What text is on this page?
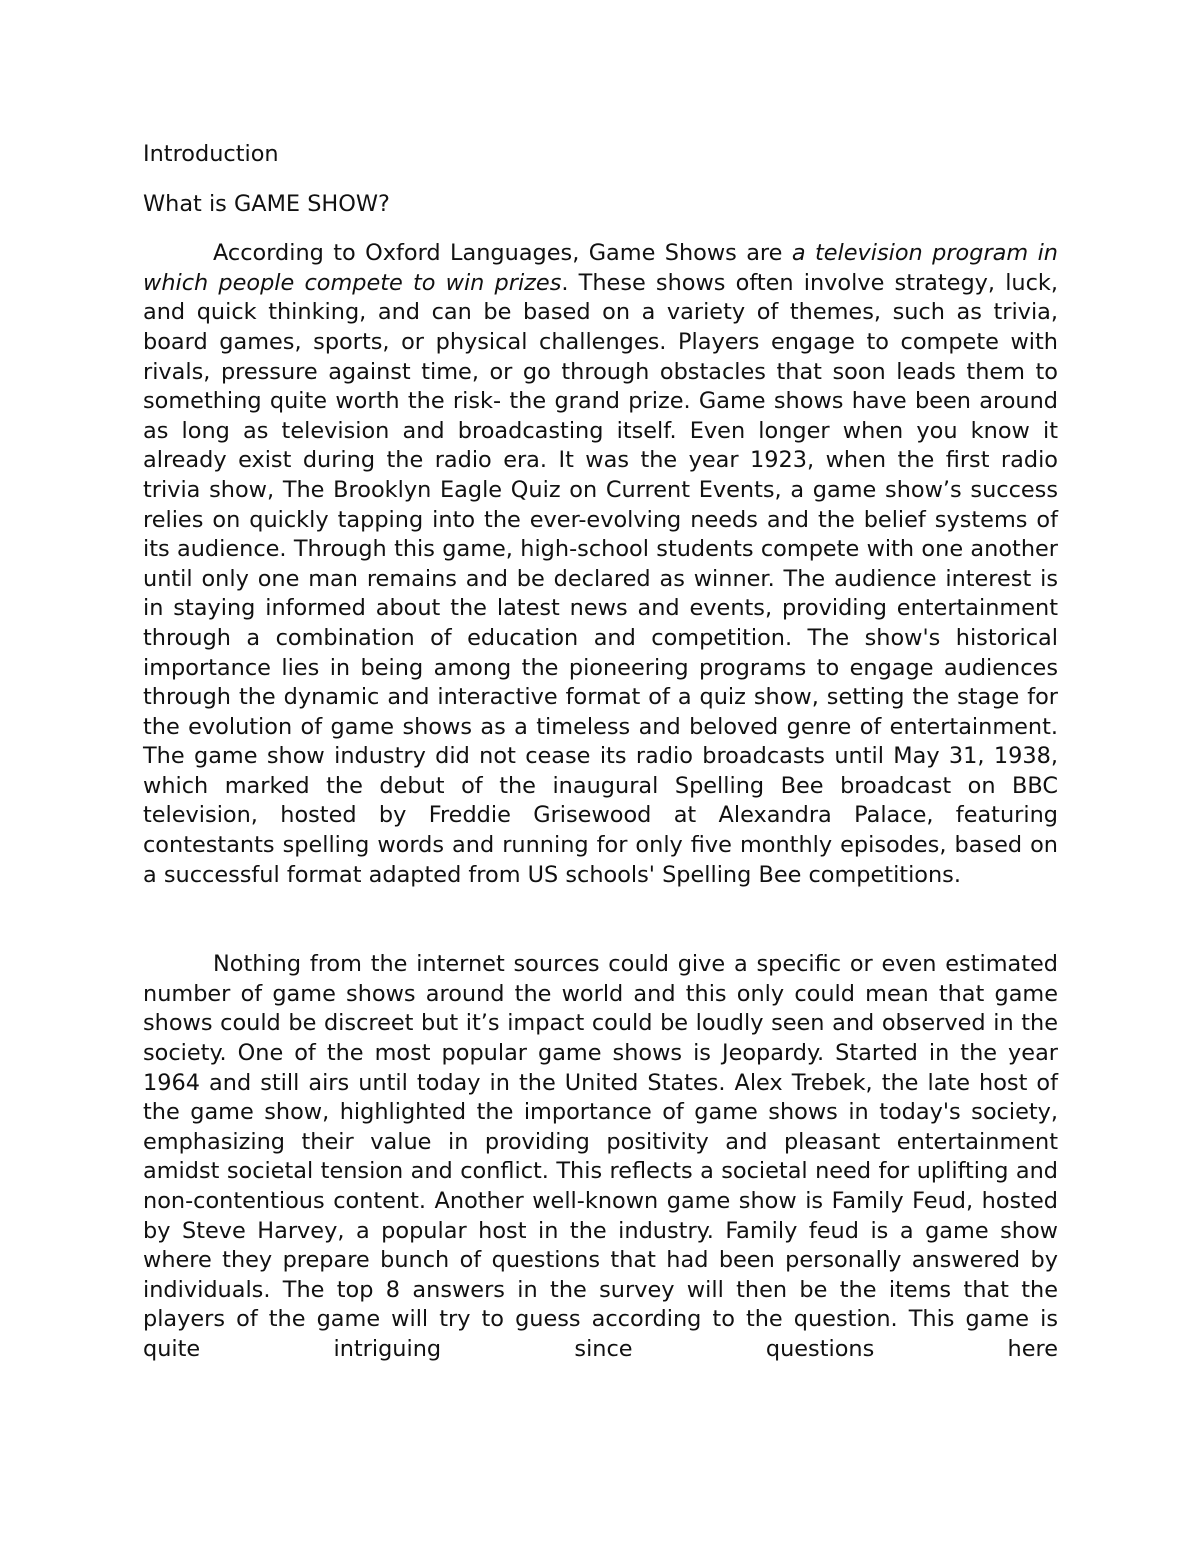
Introduction

What is GAME SHOW?

According to Oxford Languages, Game Shows are a television program in which people compete to win prizes. These shows often involve strategy, luck, and quick thinking, and can be based on a variety of themes, such as trivia, board games, sports, or physical challenges. Players engage to compete with rivals, pressure against time, or go through obstacles that soon leads them to something quite worth the risk- the grand prize. Game shows have been around as long as television and broadcasting itself. Even longer when you know it already exist during the radio era. It was the year 1923, when the first radio trivia show, The Brooklyn Eagle Quiz on Current Events, a game show’s success relies on quickly tapping into the ever-evolving needs and the belief systems of its audience. Through this game, high-school students compete with one another until only one man remains and be declared as winner. The audience interest is in staying informed about the latest news and events, providing entertainment through a combination of education and competition. The show's historical importance lies in being among the pioneering programs to engage audiences through the dynamic and interactive format of a quiz show, setting the stage for the evolution of game shows as a timeless and beloved genre of entertainment. The game show industry did not cease its radio broadcasts until May 31, 1938, which marked the debut of the inaugural Spelling Bee broadcast on BBC television, hosted by Freddie Grisewood at Alexandra Palace, featuring contestants spelling words and running for only five monthly episodes, based on a successful format adapted from US schools' Spelling Bee competitions.

Nothing from the internet sources could give a specific or even estimated number of game shows around the world and this only could mean that game shows could be discreet but it’s impact could be loudly seen and observed in the society. One of the most popular game shows is Jeopardy. Started in the year 1964 and still airs until today in the United States. Alex Trebek, the late host of the game show, highlighted the importance of game shows in today's society, emphasizing their value in providing positivity and pleasant entertainment amidst societal tension and conflict. This reflects a societal need for uplifting and non-contentious content. Another well-known game show is Family Feud, hosted by Steve Harvey, a popular host in the industry. Family feud is a game show where they prepare bunch of questions that had been personally answered by individuals. The top 8 answers in the survey will then be the items that the players of the game will try to guess according to the question. This game is quite intriguing since questions here
